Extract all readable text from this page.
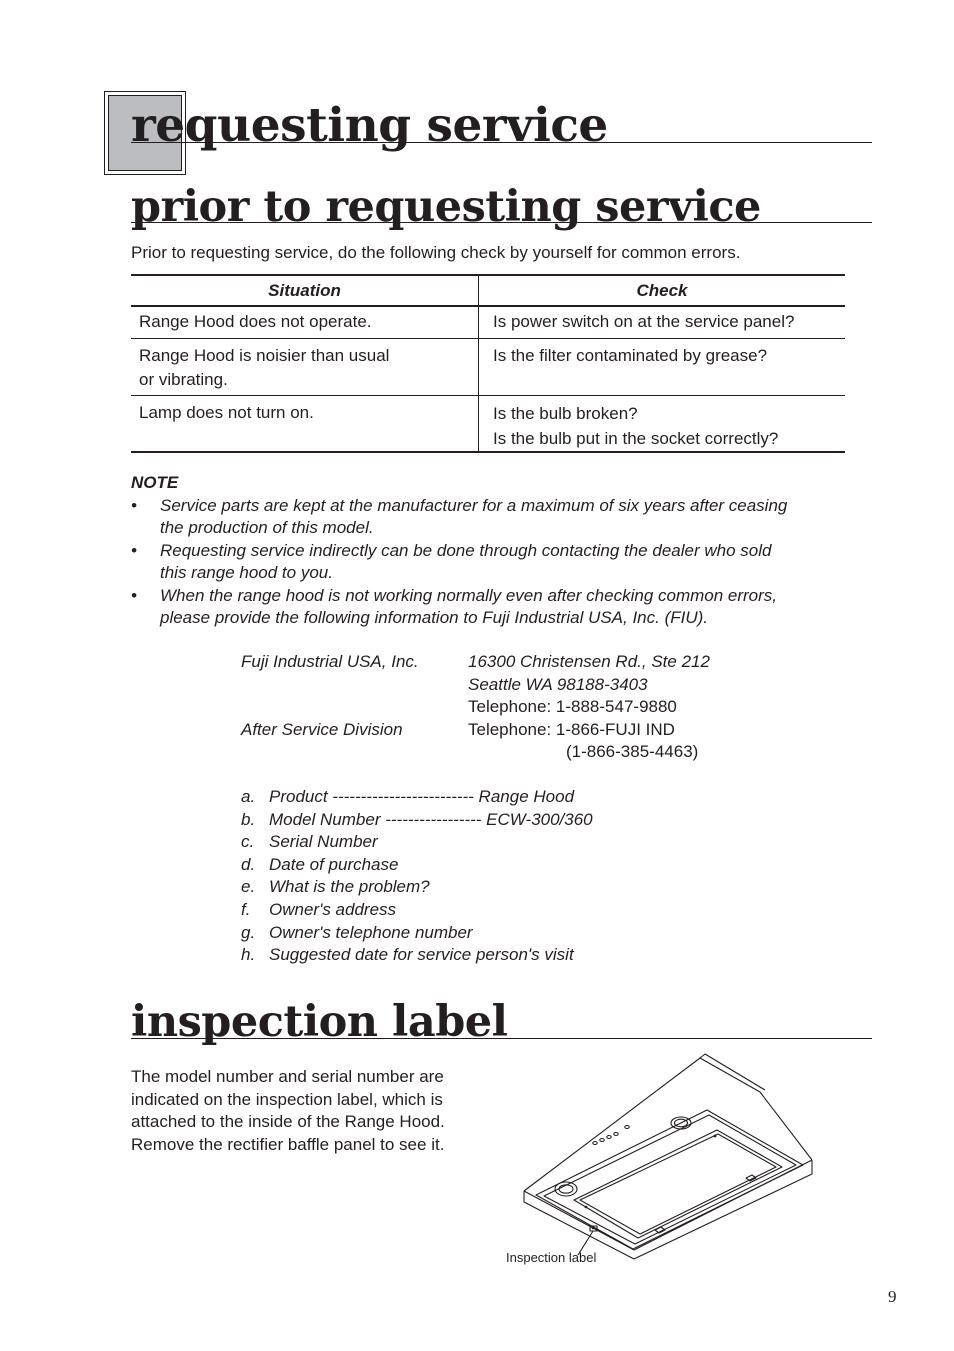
requesting service
prior to requesting service
Prior to requesting service, do the following check by yourself for common errors.
Situation	Check

Range Hood does not operate.	Is power switch on at the service panel?

Range Hood is noisier than usual
or vibrating.	Is the filter contaminated by grease?

Lamp does not turn on.	Is the bulb broken?
Is the bulb put in the socket correctly?
NOTE
• Service parts are kept at the manufacturer for a maximum of six years after ceasing
the production of this model.
• Requesting service indirectly can be done through contacting the dealer who sold
this range hood to you.
• When the range hood is not working normally even after checking common errors,
please provide the following information to Fuji Industrial USA, Inc. (FIU).
Fuji Industrial USA, Inc.	16300 Christensen Rd., Ste 212
Seattle WA 98188-3403
Telephone: 1-888-547-9880
After Service Division	Telephone: 1-866-FUJI IND
(1-866-385-4463)
a. Product ------------------------- Range Hood
b. Model Number ----------------- ECW-300/360
c. Serial Number
d. Date of purchase
e. What is the problem?
f. Owner's address
g. Owner's telephone number
h. Suggested date for service person's visit
inspection label
The model number and serial number are
indicated on the inspection label, which is
attached to the inside of the Range Hood.
Remove the rectifier baffle panel to see it.
Inspection label
9
